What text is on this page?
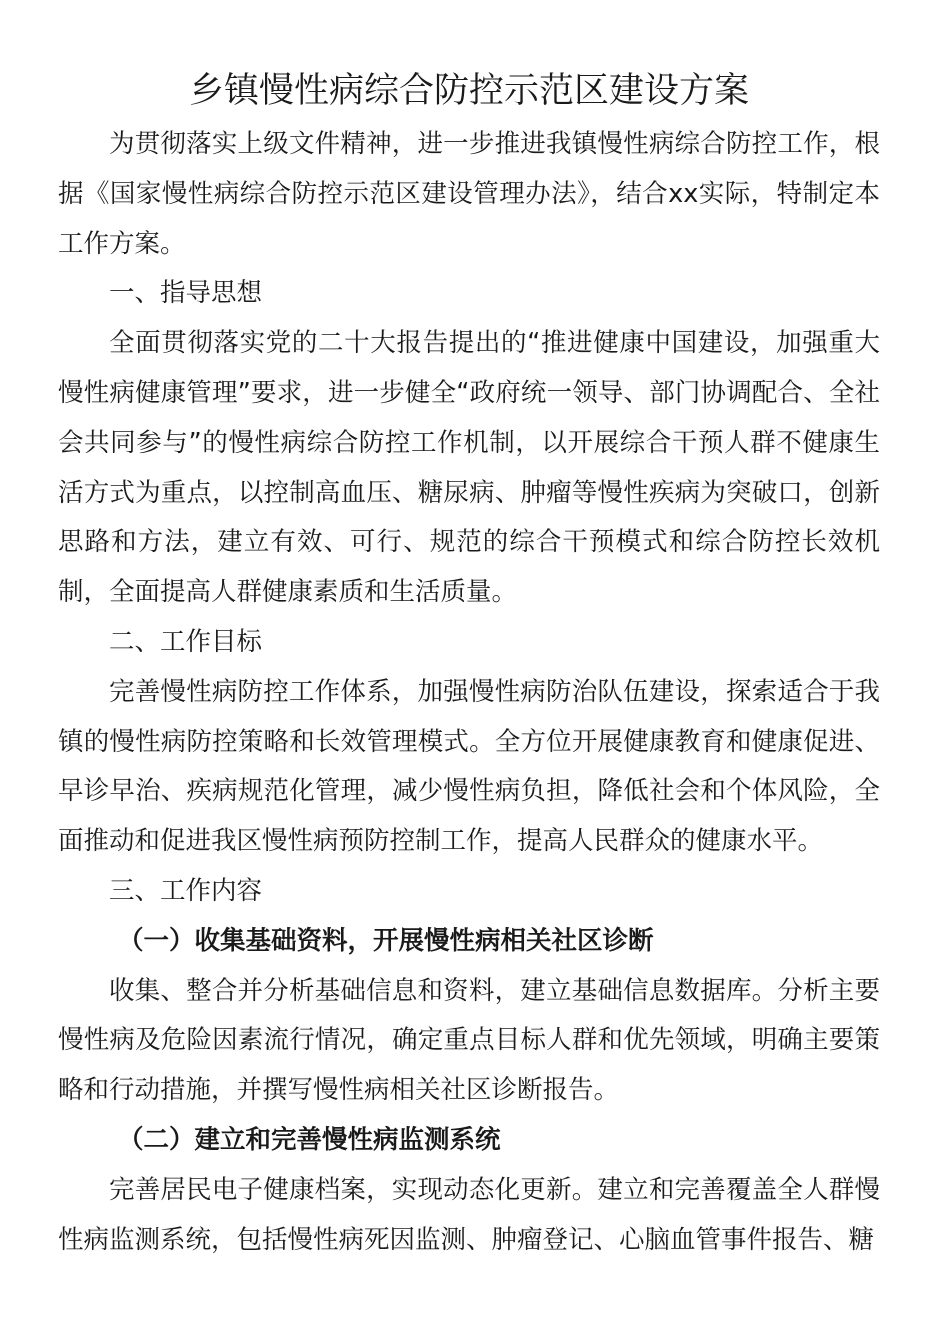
乡镇慢性病综合防控示范区建设方案

为贯彻落实上级文件精神，进一步推进我镇慢性病综合防控工作，根据《国家慢性病综合防控示范区建设管理办法》，结合xx实际，特制定本工作方案。

一、指导思想

全面贯彻落实党的二十大报告提出的“推进健康中国建设，加强重大慢性病健康管理”要求，进一步健全“政府统一领导、部门协调配合、全社会共同参与”的慢性病综合防控工作机制，以开展综合干预人群不健康生活方式为重点，以控制高血压、糖尿病、肿瘤等慢性疾病为突破口，创新思路和方法，建立有效、可行、规范的综合干预模式和综合防控长效机制，全面提高人群健康素质和生活质量。

二、工作目标

完善慢性病防控工作体系，加强慢性病防治队伍建设，探索适合于我镇的慢性病防控策略和长效管理模式。全方位开展健康教育和健康促进、早诊早治、疾病规范化管理，减少慢性病负担，降低社会和个体风险，全面推动和促进我区慢性病预防控制工作，提高人民群众的健康水平。

三、工作内容

（一）收集基础资料，开展慢性病相关社区诊断

收集、整合并分析基础信息和资料，建立基础信息数据库。分析主要慢性病及危险因素流行情况，确定重点目标人群和优先领域，明确主要策略和行动措施，并撰写慢性病相关社区诊断报告。

（二）建立和完善慢性病监测系统

完善居民电子健康档案，实现动态化更新。建立和完善覆盖全人群慢性病监测系统，包括慢性病死因监测、肿瘤登记、心脑血管事件报告、糖
